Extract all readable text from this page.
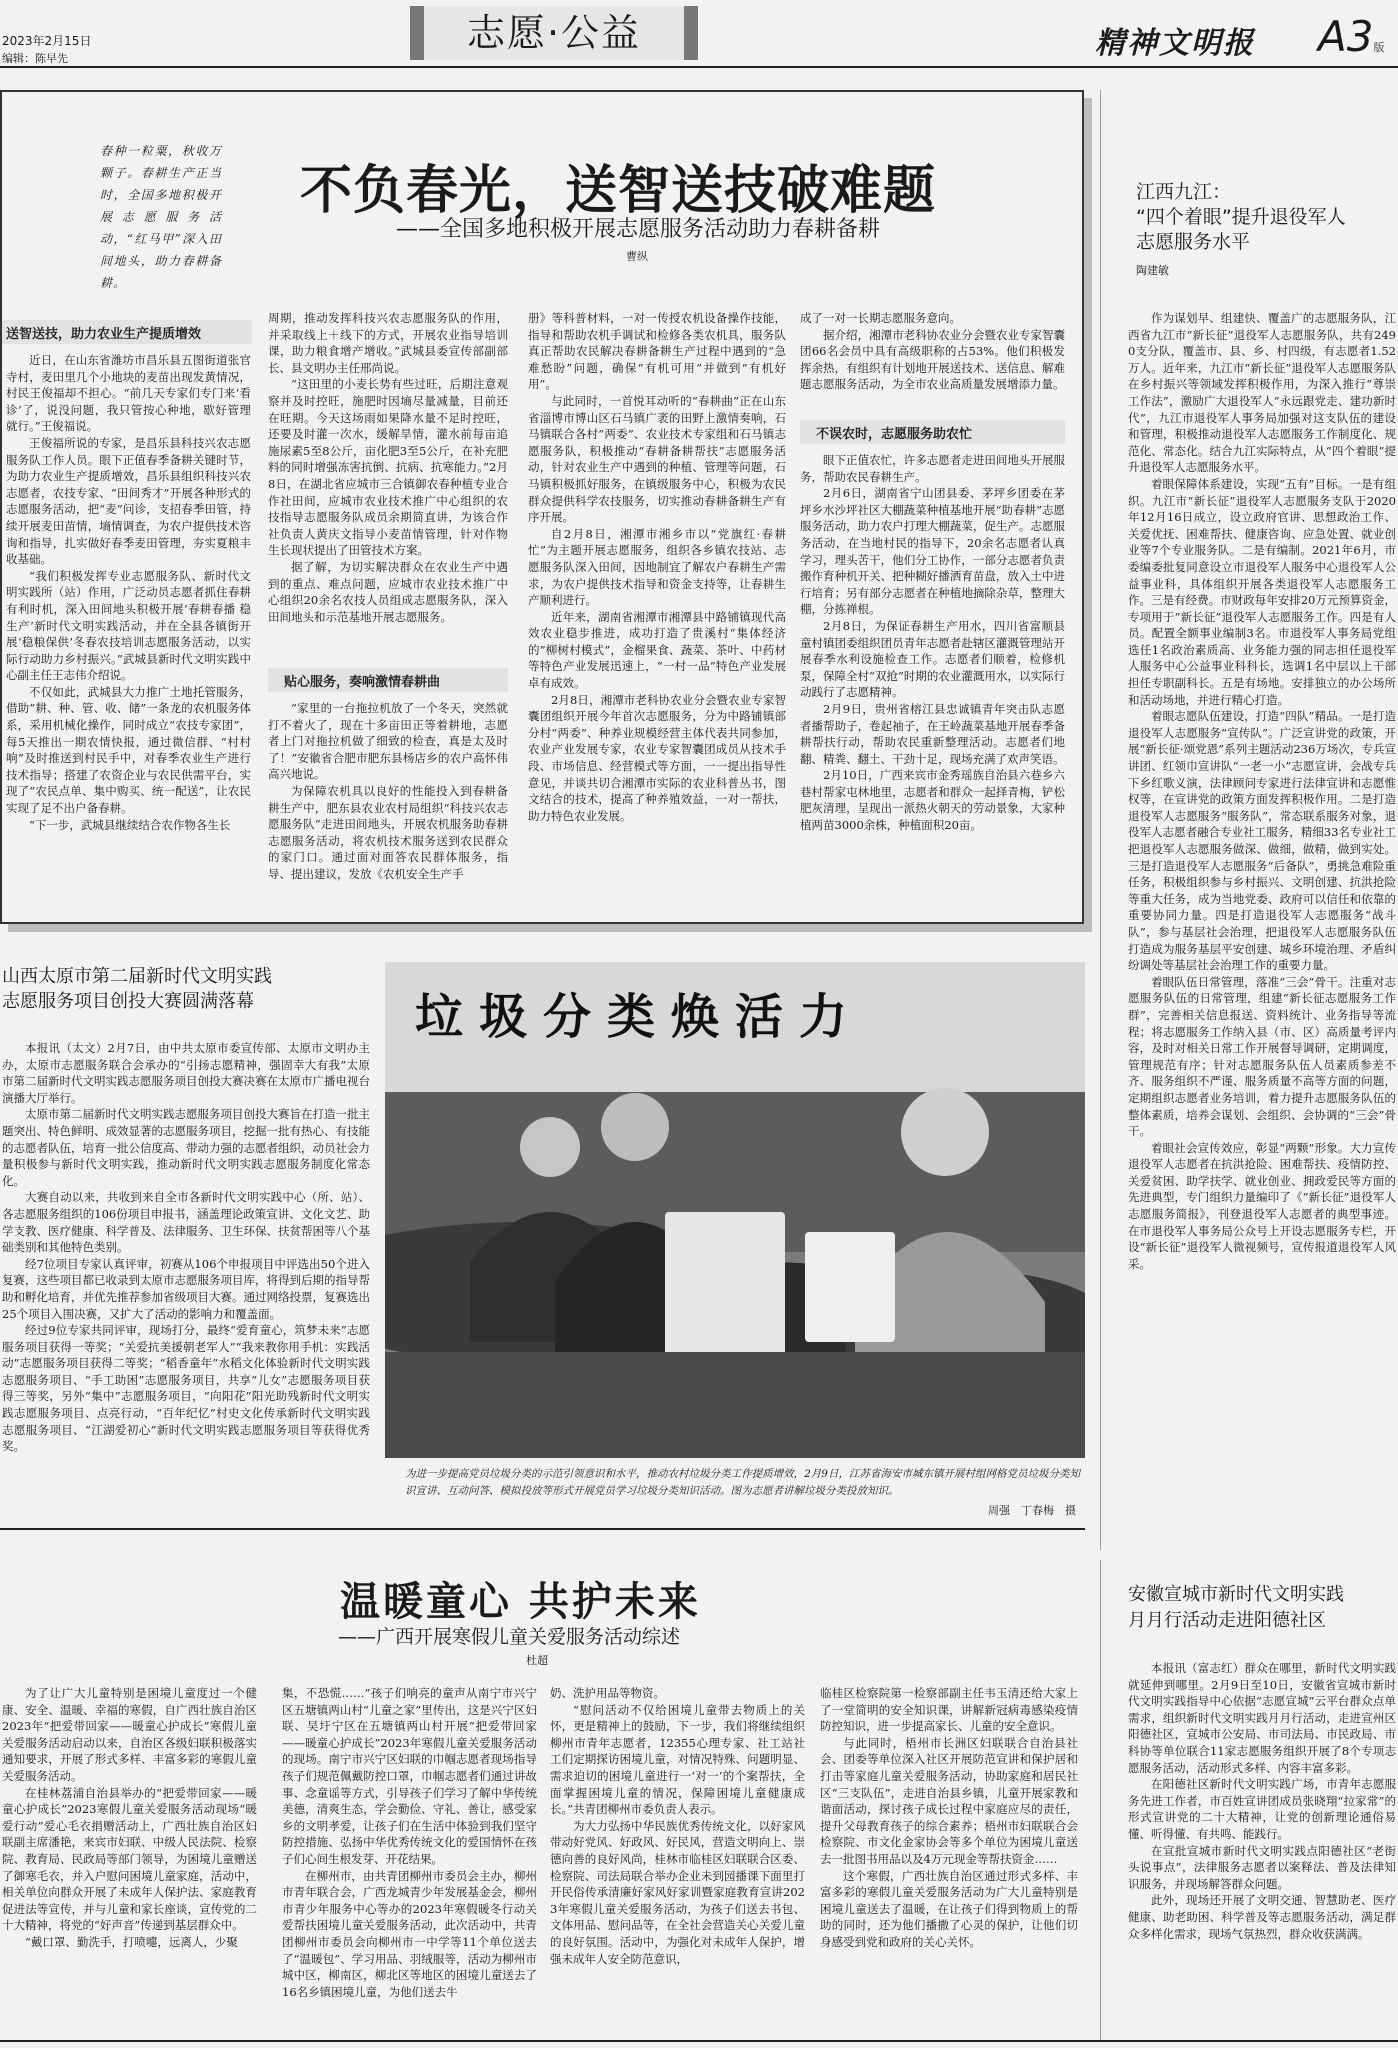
2023年2月15日
编辑：陈早先
志愿·公益	精神文明报 A3版
春种一粒粟，秋收万颗子。春耕生产正当时，全国多地积极开展志愿服务活动，“红马甲”深入田间地头，助力春耕备耕。
不负春光，送智送技破难题
——全国多地积极开展志愿服务活动助力春耕备耕
曹纵
送智送技，助力农业生产提质增效

近日，在山东省潍坊市昌乐县五图街道张官寺村，麦田里几个小地块的麦苗出现发黄情况，村民王俊福却不担心。“前几天专家们专门来‘看诊’了，说没问题，我只管按心种地，歇好管理就行。”王俊福说。

王俊福所说的专家，是昌乐县科技兴农志愿服务队工作人员。眼下正值春季备耕关键时节，为助力农业生产提质增效，昌乐县组织科技兴农志愿者，农技专家、“田间秀才”开展各种形式的志愿服务活动，把“麦”问诊，支招春季田管，持续开展麦田苗情，墒情调查，为农户提供技术咨询和指导，扎实做好春季麦田管理，夯实夏粮丰收基础。

“我们积极发挥专业志愿服务队、新时代文明实践所（站）作用，广泛动员志愿者抓住春耕有利时机，深入田间地头积极开展‘春耕春播 稳生产’新时代文明实践活动，并在全县各镇街开展‘稳粮保供’冬春农技培训志愿服务活动，以实际行动助力乡村振兴。”武城县新时代文明实践中心副主任王志伟介绍说。

不仅如此，武城县大力推广土地托管服务，借助“耕、种、管、收、储”一条龙的农机服务体系，采用机械化操作，同时成立“农技专家团”，每5天推出一期农情快报，通过微信群、“村村响”及时推送到村民手中，对春季农业生产进行技术指导；搭建了农资企业与农民供需平台，实现了“农民点单、集中购买、统一配送”，让农民实现了足不出户备春耕。

“下一步，武城县继续结合农作物各生长

周期，推动发挥科技兴农志愿服务队的作用，并采取线上＋线下的方式，开展农业指导培训课，助力粮食增产增收。”武城县委宣传部副部长、县文明办主任邢尚说。

“这田里的小麦长势有些过旺，后期注意观察并及时控旺，施肥时因墒尽量减量，目前还在旺期。今天这场雨如果降水量不足时控旺，还要及时灌一次水，缓解旱情，灌水前每亩追施尿素5至8公斤，亩化肥3至5公斤，在补充肥料的同时增强冻害抗倒、抗病、抗寒能力。”2月8日，在湖北省应城市三合镇御农春种植专业合作社田间，应城市农业技术推广中心组织的农技指导志愿服务队成员余期简直讲，为该合作社负责人黄庆文指导小麦苗情管理，针对作物生长现状提出了田管技术方案。

据了解，为切实解决群众在农业生产中遇到的重点、难点问题，应城市农业技术推广中心组织20余名农技人员组成志愿服务队，深入田间地头和示范基地开展志愿服务。

贴心服务，奏响激情春耕曲

“家里的一台拖拉机放了一个冬天，突然就打不着火了，现在十多亩田正等着耕地，志愿者上门对拖拉机做了细致的检查，真是太及时了！”安徽省合肥市肥东县杨店乡的农户高怀伟高兴地说。

为保障农机具以良好的性能投入到春耕备耕生产中，肥东县农业农村局组织“科技兴农志愿服务队”走进田间地头，开展农机服务助春耕志愿服务活动，将农机技术服务送到农民群众的家门口。通过面对面答农民群体服务，指导、提出建议，发放《农机安全生产手

册》等科普材料，一对一传授农机设备操作技能，指导和帮助农机手调试和检修各类农机具，服务队真正帮助农民解决春耕备耕生产过程中遇到的“急难愁盼”问题，确保“有机可用”并做到“有机好用”。

与此同时，一首悦耳动听的“春耕曲”正在山东省淄博市博山区石马镇广袤的田野上激情奏响，石马镇联合各村“两委”、农业技术专家组和石马镇志愿服务队，积极推动“春耕备耕帮扶”志愿服务活动，针对农业生产中遇到的种植、管理等问题，石马镇积极抓好服务，在镇级服务中心，积极为农民群众提供科学农技服务，切实推动春耕备耕生产有序开展。

自2月8日，湘潭市湘乡市以“党旗红·春耕忙”为主题开展志愿服务，组织各乡镇农技站、志愿服务队深入田间，因地制宜了解农户春耕生产需求，为农户提供技术指导和资金支持等，让春耕生产顺利进行。

近年来，湖南省湘潭市湘潭县中路铺镇现代高效农业稳步推进，成功打造了贵溪村“集体经济的”柳树村模式”，金榴果食、蔬菜、茶叶、中药材等特色产业发展迅速上，“一村一品”特色产业发展卓有成效。

2月8日，湘潭市老科协农业分会暨农业专家智囊团组织开展今年首次志愿服务，分为中路铺镇部分村“两委”、种养业规模经营主体代表共同参加，农业产业发展专家，农业专家智囊团成员从技术手段、市场信息、经营模式等方面，一一提出指导性意见，并谈共切合湘潭市实际的农业科普丛书，图文结合的技术，提高了种养殖效益，一对一帮扶，助力特色农业发展。

成了一对一长期志愿服务意向。

据介绍，湘潭市老科协农业分会暨农业专家智囊团66名会员中具有高级职称的占53%。他们积极发挥余热，有组织有计划地开展送技术、送信息、解难题志愿服务活动，为全市农业高质量发展增添力量。

不误农时，志愿服务助农忙

眼下正值农忙，许多志愿者走进田间地头开展服务，帮助农民春耕生产。

2月6日，湖南省宁山团县委、茅坪乡团委在茅坪乡水沙坪社区大棚蔬菜种植基地开展“助春耕”志愿服务活动，助力农户打理大棚蔬菜，促生产。志愿服务活动，在当地村民的指导下，20余名志愿者认真学习，理头苦干，他们分工协作，一部分志愿者负责搬作育种机开关、把种糊好播洒育苗盘，放入土中进行培育；另有部分志愿者在种植地摘除杂草，整理大棚，分拣禅根。

2月8日，为保证春耕生产用水，四川省富顺县童村镇团委组织团员青年志愿者赴辖区灌溉管理站开展春季水利设施检查工作。志愿者们顺着，检修机泵，保障全村“双抢”时期的农业灌溉用水，以实际行动践行了志愿精神。

2月9日，贵州省榕江县忠诚镇青年突击队志愿者播帮助子，卷起袖子，在王岭蔬菜基地开展春季备耕帮扶行动，帮助农民重新整理活动。志愿者们地翻、精粪、翻土、干劲十足，现场充满了欢声笑语。

2月10日，广西来宾市金秀瑶族自治县六巷乡六巷村帮家屯林地里，志愿者和群众一起择青梅，铲松肥灰清理，呈现出一派热火朝天的劳动景象，大家种植两苗3000余株，种植面积20亩。

江西九江：
“四个着眼”提升退役军人
志愿服务水平
陶建敏

作为谋划早、组建快、覆盖广的志愿服务队，江西省九江市“新长征”退役军人志愿服务队，共有2490支分队，覆盖市、县、乡、村四级，有志愿者1.52万人。近年来，九江市“新长征”退役军人志愿服务队在乡村振兴等领域发挥积极作用，为深入推行“尊崇工作法”，激励广大退役军人“永远跟党走、建功新时代”，九江市退役军人事务局加强对这支队伍的建设和管理，积极推动退役军人志愿服务工作制度化、规范化、常态化。结合九江实际特点，从“四个着眼”提升退役军人志愿服务水平。

着眼保障体系建设，实现“五有”目标。一是有组织。九江市“新长征”退役军人志愿服务支队于2020年12月16日成立，设立政府官讲、思想政治工作、关爱优抚、困难帮扶、健康咨询、应急处置、就业创业等7个专业服务队。二是有编制。2021年6月，市委编委批复同意设立市退役军人服务中心退役军人公益事业科，具体组织开展各类退役军人志愿服务工作。三是有经费。市财政每年安排20万元预算资金，专项用于“新长征”退役军人志愿服务工作。四是有人员。配置全额事业编制3名。市退役军人事务局党组选任1名政治素质高、业务能力强的同志担任退役军人服务中心公益事业科科长，选调1名中层以上干部担任专职副科长。五是有场地。安排独立的办公场所和活动场地，并进行精心打造。

着眼志愿队伍建设，打造“四队”精品。一是打造退役军人志愿服务“宣传队”。广泛宣讲党的政策，开展“新长征·颂党恩”系列主题活动236万场次，专兵宣讲团、红领巾宣讲队“一老一小”志愿宣讲，会战专兵下乡红歌义演，法律顾问专家进行法律宣讲和志愿惟权等，在宣讲党的政策方面发挥积极作用。二是打造退役军人志愿服务“服务队”，常态联系服务对象，退役军人志愿者融合专业社工服务，精细33名专业社工把退役军人志愿服务做深、做细，做精，做到实处。三是打造退役军人志愿服务“后备队”，勇挑急难险重任务，积极组织参与乡村振兴、文明创建、抗洪抢险等重大任务，成为当地党委、政府可以信任和依靠的重要协同力量。四是打造退役军人志愿服务“战斗队”，参与基层社会治理，把退役军人志愿服务队伍打造成为服务基层平安创建、城乡环境治理、矛盾纠纷调处等基层社会治理工作的重要力量。

着眼队伍日常管理，落准“三会”骨干。注重对志愿服务队伍的日常管理，组建“新长征志愿服务工作群”，完善相关信息报送、资料统计、业务指导等流程；将志愿服务工作纳入县（市、区）高质量考评内容，及时对相关日常工作开展督导调研，定期调度，管理规范有序；针对志愿服务队伍人员素质参差不齐、服务组织不严谨、服务质量不高等方面的问题，定期组织志愿者业务培训，着力提升志愿服务队伍的整体素质，培养会谋划、会组织、会协调的“三会”骨干。

着眼社会宣传效应，彰显“两颗”形象。大力宣传退役军人志愿者在抗洪抢险、困难帮扶、疫情防控、关爱贫困、助学扶学、就业创业、拥政爱民等方面的先进典型，专门组织力量编印了《“新长征”退役军人志愿服务简报》，刊登退役军人志愿者的典型事迹。在市退役军人事务局公众号上开设志愿服务专栏，开设“新长征”退役军人微视频号，宣传报道退役军人风采。

山西太原市第二届新时代文明实践
志愿服务项目创投大赛圆满落幕

本报讯（太文）2月7日，由中共太原市委宣传部、太原市文明办主办，太原市志愿服务联合会承办的“引扬志愿精神，强固幸大有我”太原市第二届新时代文明实践志愿服务项目创投大赛决赛在太原市广播电视台演播大厅举行。

太原市第二届新时代文明实践志愿服务项目创投大赛旨在打造一批主题突出、特色鲜明、成效显著的志愿服务项目，挖掘一批有热心、有技能的志愿者队伍，培育一批公信度高、带动力强的志愿者组织，动员社会力量积极参与新时代文明实践，推动新时代文明实践志愿服务制度化常态化。

大赛自动以来，共收到来自全市各新时代文明实践中心（所、站）、各志愿服务组织的106份项目申报书，涵盖理论政策宣讲、文化文艺、助学支教、医疗健康、科学普及、法律服务、卫生环保、扶贫帮困等八个基础类别和其他特色类别。

经7位项目专家认真评审，初赛从106个申报项目中评选出50个进入复赛，这些项目都已收录到太原市志愿服务项目库，将得到后期的指导帮助和孵化培育，并优先推荐参加省级项目大赛。通过网络投票，复赛选出25个项目入围决赛，又扩大了活动的影响力和覆盖面。

经过9位专家共同评审，现场打分，最终“爱育童心，筑梦未来”志愿服务项目获得一等奖；“关爱抗美援朝老军人”“我来教你用手机：实践活动”志愿服务项目获得二等奖；“稻香童年”水稻文化体验新时代文明实践志愿服务项目、“手工助困”志愿服务项目，共享“儿女”志愿服务项目获得三等奖，另外“集中”志愿服务项目，“向阳花”阳光助残新时代文明实践志愿服务项目、点亮行动，“百年纪忆”村史文化传承新时代文明实践志愿服务项目、“江湖爱初心”新时代文明实践志愿服务项目等获得优秀奖。

垃圾分类焕活力
为进一步提高党员垃圾分类的示范引领意识和水平，推动农村垃圾分类工作提质增效，2月9日，江苏省海安市城东镇开展村组网格党员垃圾分类知识宣讲、互动问答、模拟投放等形式开展党员学习垃圾分类知识活动。图为志愿者讲解垃圾分类投放知识。
周强　丁春梅　摄
温暖童心 共护未来
——广西开展寒假儿童关爱服务活动综述
杜超

为了让广大儿童特别是困境儿童度过一个健康、安全、温暖、幸福的寒假，自广西壮族自治区2023年“把爱带回家——暖童心护成长”寒假儿童关爱服务活动启动以来，自治区各级妇联积极落实通知要求，开展了形式多样、丰富多彩的寒假儿童关爱服务活动。

在桂林荔浦自治县举办的“把爱带回家——暖童心护成长”2023寒假儿童关爱服务活动现场“暖爱行动”爱心毛衣捐赠活动上，广西壮族自治区妇联副主席潘艳，来宾市妇联、中级人民法院、检察院、教育局、民政局等部门领导，为困境儿童赠送了御寒毛衣，并入户慰问困境儿童家庭，活动中，相关单位向群众开展了未成年人保护法、家庭教育促进法等宣传，并与儿童和家长座谈，宣传党的二十大精神，将党的“好声音”传递到基层群众中。

“戴口罩、勤洗手，打喷嚏，远离人，少聚

集，不恐慌……”孩子们响亮的童声从南宁市兴宁区五塘镇两山村“儿童之家”里传出，这是兴宁区妇联、吴圩宁区在五塘镇两山村开展“把爱带回家——暖童心护成长”2023年寒假儿童关爱服务活动的现场。南宁市兴宁区妇联的巾帼志愿者现场指导孩子们规范佩戴防控口罩，巾帼志愿者们通过讲故事、念童谣等方式，引导孩子们学习了解中华传统美德，清爽生态，学会勤俭、守礼、善让，感受家乡的文明孝爱，让孩子们在生活中体验到我们坚守防控措施、弘扬中华优秀传统文化的爱国情怀在孩子们心间生根发芽、开花结果。

在柳州市，由共青团柳州市委员会主办，柳州市青年联合会，广西龙城青少年发展基金会，柳州市青少年服务中心等办的2023年寒假暖冬行动关爱帮扶困境儿童关爱服务活动，此次活动中，共青团柳州市委员会向柳州市一中学等11个单位送去了“温暖包”、学习用品、羽绒服等，活动为柳州市城中区，柳南区，柳北区等地区的困境儿童送去了16名乡镇困境儿童，为他们送去牛

奶、洗护用品等物资。

“慰问活动不仅给困境儿童带去物质上的关怀，更是精神上的鼓励，下一步，我们将继续组织柳州市青年志愿者，12355心理专家、社工站社工们定期探访困境儿童，对情况特殊、问题明显、需求迫切的困境儿童进行一‘对一’的个案帮扶，全面掌握困境儿童的情况，保障困境儿童健康成长。”共青团柳州市委负责人表示。

为大力弘扬中华民族优秀传统文化，以好家风带动好党风、好政风、好民风，营造文明向上、崇德向善的良好风尚，桂林市临桂区妇联联合区委、检察院、司法局联合举办企业未到园播课下面里打开民俗传承清廉好家风好家训暨家庭教育宣讲2023年寒假儿童关爱服务活动，为孩子们送去书包、文体用品、慰问品等，在全社会营造关心关爱儿童的良好氛围。活动中，为强化对未成年人保护，增强未成年人安全防范意识，

临桂区检察院第一检察部副主任韦玉清还给大家上了一堂简明的安全知识课，讲解新冠病毒感染疫情防控知识，进一步提高家长、儿童的安全意识。

与此同时，梧州市长洲区妇联联合自治县社会、团委等单位深入社区开展防范宣讲和保护居和打击等家庭儿童关爱服务活动，协助家庭和居民社区“三支队伍”，走进自治县乡镇，儿童开展家教和谐面活动，探讨孩子成长过程中家庭应尽的责任，提升父母教育孩子的综合素养；梧州市妇联联合会检察院、市文化金家协会等多个单位为困境儿童送去一批图书用品以及4万元现金等帮扶资金……

这个寒假，广西壮族自治区通过形式多样、丰富多彩的寒假儿童关爱服务活动为广大儿童特别是困境儿童送去了温暖，在让孩子们得到物质上的帮助的同时，还为他们播撒了心灵的保护，让他们切身感受到党和政府的关心关怀。

安徽宣城市新时代文明实践
月月行活动走进阳德社区

本报讯（富志红）群众在哪里，新时代文明实践就延伸到哪里。2月9日至10日，安徽省宣城市新时代文明实践指导中心依据“志愿宣城”云平台群众点单需求，组织新时代文明实践月月行活动，走进宣州区阳德社区，宣城市公安局、市司法局、市民政局、市科协等单位联合11家志愿服务组织开展了8个专项志愿服务活动，活动形式多样、内容丰富多彩。

在阳德社区新时代文明实践广场，市青年志愿服务先进工作者，市百姓宣讲团成员张晓翔“拉家常”的形式宣讲党的二十大精神，让党的创新理论通俗易懂、听得懂、有共鸣、能践行。

在宣批宣城市新时代文明实践点阳德社区“老街头说事点”，法律服务志愿者以案释法、普及法律知识服务，并现场解答群众问题。

此外，现场还开展了文明交通、智慧助老、医疗健康、助老助困、科学普及等志愿服务活动，满足群众多样化需求，现场气氛热烈，群众收获满满。
